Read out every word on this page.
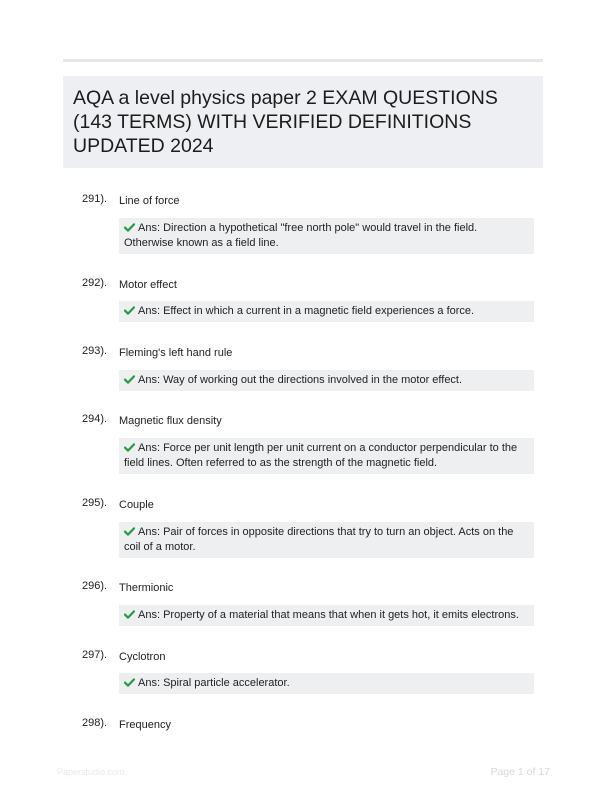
AQA a level physics paper 2 EXAM QUESTIONS (143 TERMS) WITH VERIFIED DEFINITIONS UPDATED 2024
291). Line of force
Ans: Direction a hypothetical "free north pole" would travel in the field. Otherwise known as a field line.
292). Motor effect
Ans: Effect in which a current in a magnetic field experiences a force.
293). Fleming's left hand rule
Ans: Way of working out the directions involved in the motor effect.
294). Magnetic flux density
Ans: Force per unit length per unit current on a conductor perpendicular to the field lines. Often referred to as the strength of the magnetic field.
295). Couple
Ans: Pair of forces in opposite directions that try to turn an object. Acts on the coil of a motor.
296). Thermionic
Ans: Property of a material that means that when it gets hot, it emits electrons.
297). Cyclotron
Ans: Spiral particle accelerator.
298). Frequency
Paperstudio.com	Page 1 of 17
